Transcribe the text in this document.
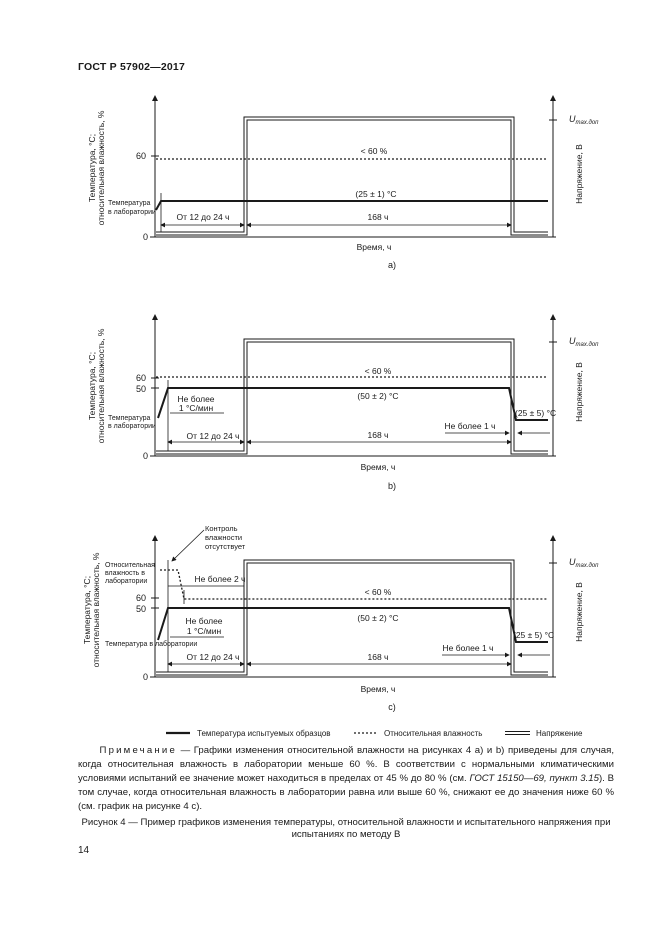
ГОСТ Р 57902—2017
60
0
Температура, °С; относительная влажность, %	Напряжение, В
$U_{max.доп}$
< 60 %
(25 ± 1) °С
Температура
в лаборатории От 12 до 24 ч	168 ч
Время, ч
а)
60
50
0
Температура, °С; относительная влажность, %	Напряжение, В
$U_{max.доп}$
< 60 %
(50 ± 2) °С
Не более
1 °С/мин
Температура
в лаборатории
От 12 до 24 ч	168 ч
Не более 1 ч
(25 ± 5) °С
Время, ч
b)
60
50
0
Температура, °С; относительная влажность, %	Напряжение, В
$U_{max.доп}$
Контроль
влажности
отсутствует
Относительная
влажность в
лаборатории	Не более 2 ч
< 60 %
(50 ± 2) °С
Не более
1 °С/мин
Температура в лаборатории
От 12 до 24 ч	168 ч
Не более 1 ч
(25 ± 5) °С
Время, ч
с)
Температура испытуемых образцов	Относительная влажность	Напряжение
Примечание — Графики изменения относительной влажности на рисунках 4 а) и b) приведены для случая, когда относительная влажность в лаборатории меньше 60 %. В соответствии с нормальными климатическими условиями испытаний ее значение может находиться в пределах от 45 % до 80 % (см. ГОСТ 15150—69, пункт 3.15). В том случае, когда относительная влажность в лаборатории равна или выше 60 %, снижают ее до значения ниже 60 % (см. график на рисунке 4 с).
Рисунок 4 — Пример графиков изменения температуры, относительной влажности и испытательного напряжения при испытаниях по методу В
14
